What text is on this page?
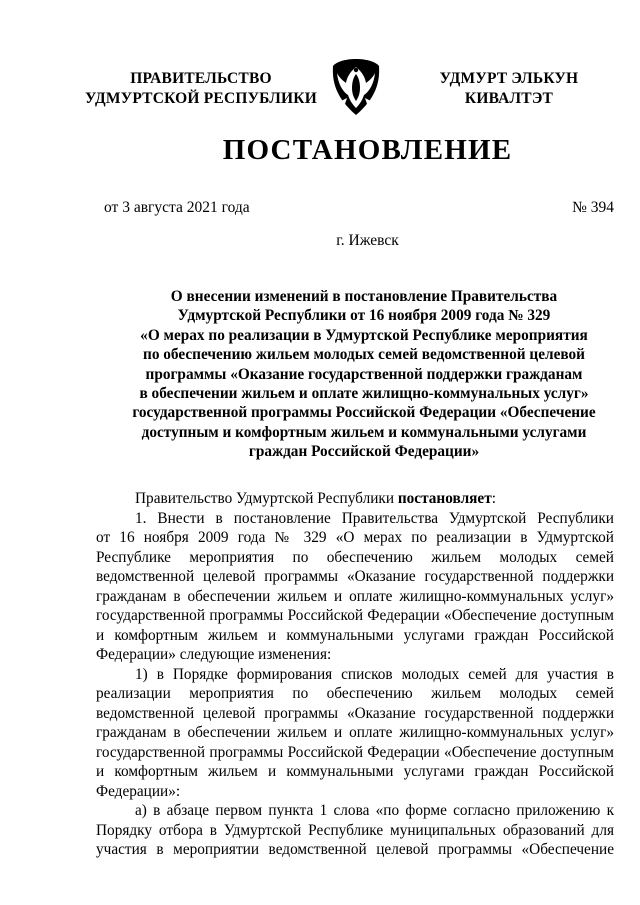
ПРАВИТЕЛЬСТВО
УДМУРТСКОЙ РЕСПУБЛИКИ
УДМУРТ ЭЛЬКУН
КИВАЛТЭТ
ПОСТАНОВЛЕНИЕ
от 3 августа 2021 года	№ 394
г. Ижевск
О внесении изменений в постановление Правительства
Удмуртской Республики от 16 ноября 2009 года № 329
«О мерах по реализации в Удмуртской Республике мероприятия
по обеспечению жильем молодых семей ведомственной целевой
программы «Оказание государственной поддержки гражданам
в обеспечении жильем и оплате жилищно-коммунальных услуг»
государственной программы Российской Федерации «Обеспечение
доступным и комфортным жильем и коммунальными услугами
граждан Российской Федерации»
Правительство Удмуртской Республики постановляет:
1. Внести в постановление Правительства Удмуртской Республики
от 16 ноября 2009 года № 329 «О мерах по реализации в Удмуртской
Республике мероприятия по обеспечению жильем молодых семей
ведомственной целевой программы «Оказание государственной поддержки
гражданам в обеспечении жильем и оплате жилищно-коммунальных услуг»
государственной программы Российской Федерации «Обеспечение доступным
и комфортным жильем и коммунальными услугами граждан Российской
Федерации» следующие изменения:
1) в Порядке формирования списков молодых семей для участия в
реализации мероприятия по обеспечению жильем молодых семей
ведомственной целевой программы «Оказание государственной поддержки
гражданам в обеспечении жильем и оплате жилищно-коммунальных услуг»
государственной программы Российской Федерации «Обеспечение доступным
и комфортным жильем и коммунальными услугами граждан Российской
Федерации»:
а) в абзаце первом пункта 1 слова «по форме согласно приложению к
Порядку отбора в Удмуртской Республике муниципальных образований для
участия в мероприятии ведомственной целевой программы «Обеспечение
